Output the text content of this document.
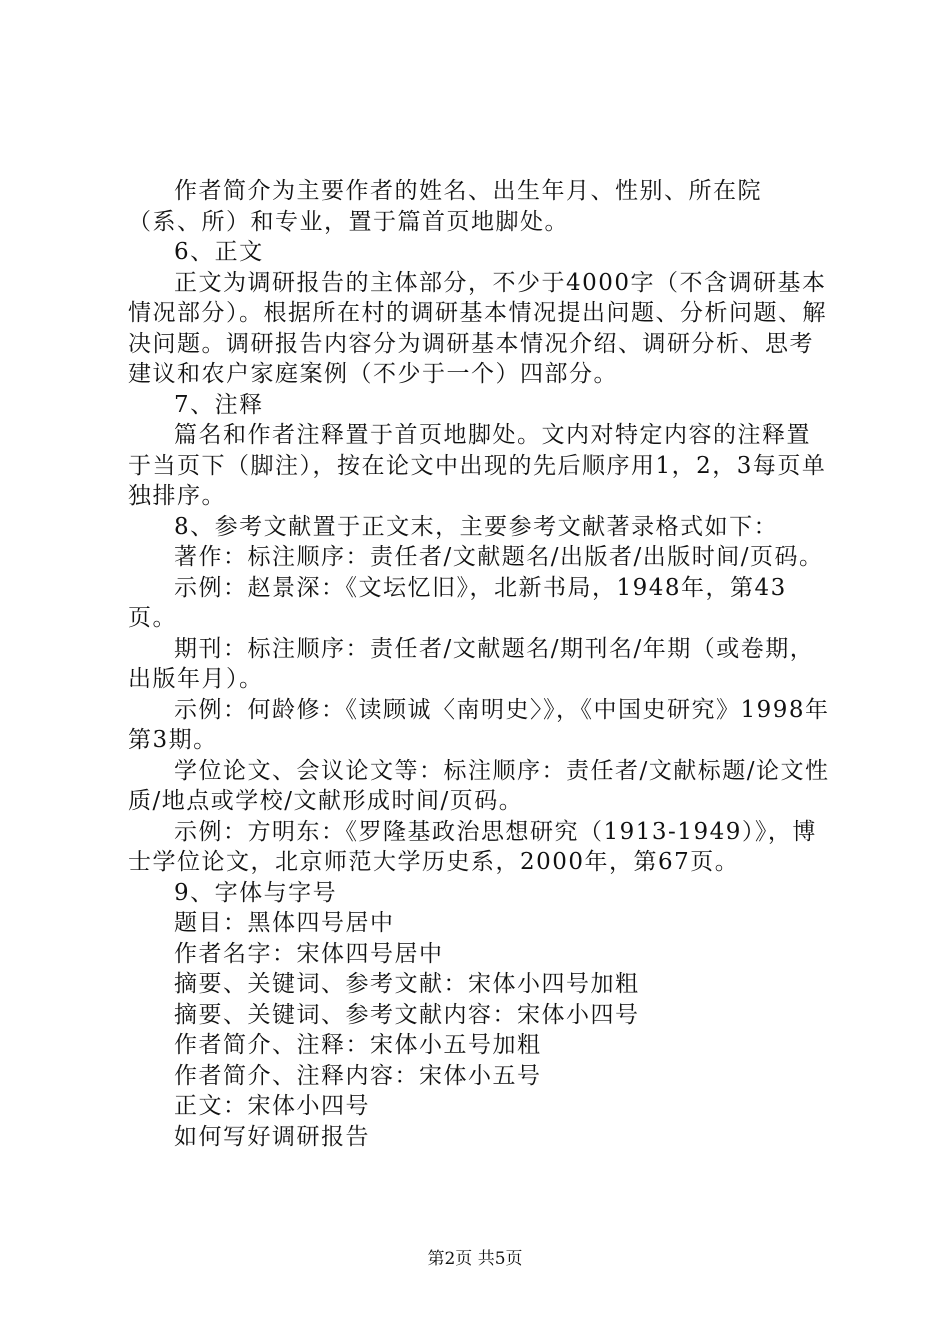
作者简介为主要作者的姓名、出生年月、性别、所在院（系、所）和专业，置于篇首页地脚处。

6、正文

正文为调研报告的主体部分，不少于4000字（不含调研基本情况部分）。根据所在村的调研基本情况提出问题、分析问题、解决问题。调研报告内容分为调研基本情况介绍、调研分析、思考建议和农户家庭案例（不少于一个）四部分。

7、注释

篇名和作者注释置于首页地脚处。文内对特定内容的注释置于当页下（脚注），按在论文中出现的先后顺序用1，2，3每页单独排序。

8、参考文献置于正文末，主要参考文献著录格式如下：

著作：标注顺序：责任者/文献题名/出版者/出版时间/页码。

示例：赵景深：《文坛忆旧》，北新书局，1948年，第43页。

期刊：标注顺序：责任者/文献题名/期刊名/年期（或卷期，出版年月）。

示例：何龄修：《读顾诚〈南明史〉》，《中国史研究》1998年第3期。

学位论文、会议论文等：标注顺序：责任者/文献标题/论文性质/地点或学校/文献形成时间/页码。

示例：方明东：《罗隆基政治思想研究（1913-1949）》，博士学位论文，北京师范大学历史系，2000年，第67页。

9、字体与字号
题目：黑体四号居中
作者名字：宋体四号居中
摘要、关键词、参考文献：宋体小四号加粗
摘要、关键词、参考文献内容：宋体小四号
作者简介、注释：宋体小五号加粗
作者简介、注释内容：宋体小五号
正文：宋体小四号
如何写好调研报告
第2页 共5页
